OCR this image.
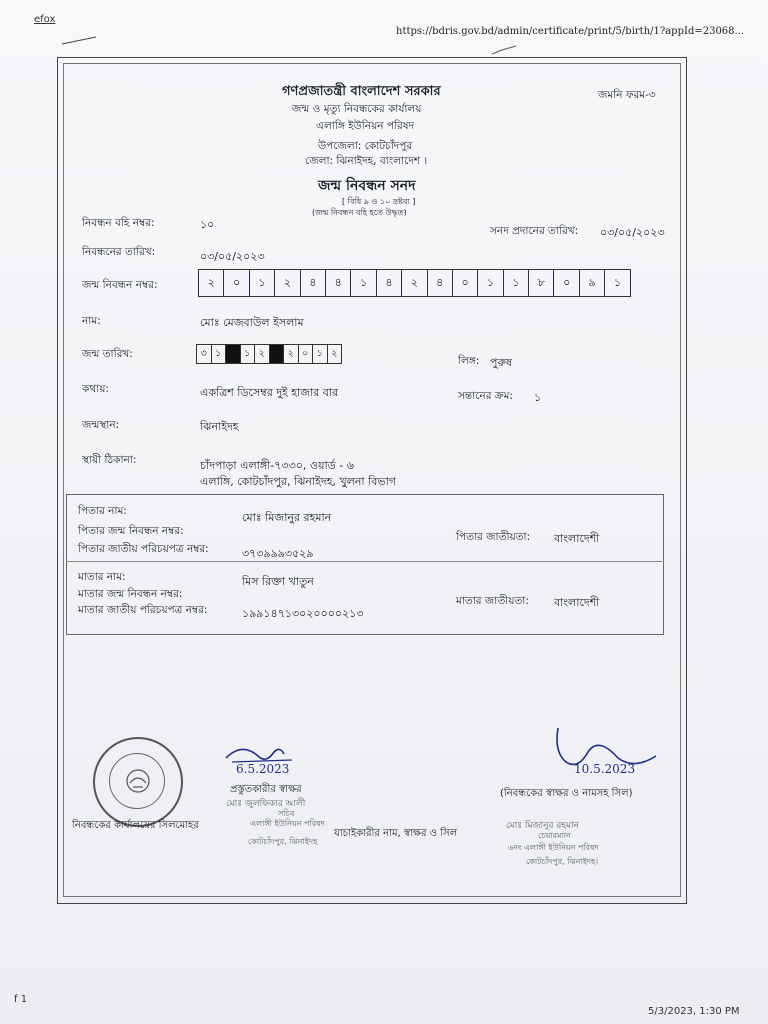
efox
https://bdris.gov.bd/admin/certificate/print/5/birth/1?appId=23068...
f 1
5/3/2023, 1:30 PM
গণপ্রজাতন্ত্রী বাংলাদেশ সরকার	জমনি ফরম-৩
জন্ম ও মৃত্যু নিবন্ধকের কার্যালয়
এলাঙ্গি ইউনিয়ন পরিষদ
উপজেলা: কোটচাঁদপুর
জেলা: ঝিনাইদহ, বাংলাদেশ ।
জন্ম নিবন্ধন সনদ
[ বিধি ৯ ও ১০ দ্রষ্টব্য ]
(জন্ম নিবন্ধন বহি হতে উদ্ধৃত)
নিবন্ধন বহি নম্বর:	১০	সনদ প্রদানের তারিখ: ০৩/০৫/২০২৩
নিবন্ধনের তারিখ:	০৩/০৫/২০২৩
জন্ম নিবন্ধন নম্বর:	২	০	১	২	৪	৪	১	৪	২	৪	০	১	১	৮	০	৯	১
নাম:	মোঃ মেজবাউল ইসলাম
জন্ম তারিখ:	৩ ১	১ ২	২ ০ ১ ২
লিঙ্গ: পুরুষ
কথায়:	একত্রিশ ডিসেম্বর দুই হাজার বার	সন্তানের ক্রম: ১
জন্মস্থান:	ঝিনাইদহ
স্থায়ী ঠিকানা:	চাঁদপাড়া এলাঙ্গী-৭৩৩০, ওয়ার্ড - ৬
এলাঙ্গি, কোটচাঁদপুর, ঝিনাইদহ, খুলনা বিভাগ
পিতার নাম:	মোঃ মিজানুর রহমান
পিতার জন্ম নিবন্ধন নম্বর:
পিতার জাতীয় পরিচয়পত্র নম্বর:	৩৭৩৯৯৯৩৫২৯
পিতার জাতীয়তা: বাংলাদেশী
মাতার নাম:	মিস রিক্তা খাতুন
মাতার জন্ম নিবন্ধন নম্বর:
মাতার জাতীয় পরিচয়পত্র নম্বর:	১৯৯১৪৭১৩০২০০০০২১৩
মাতার জাতীয়তা: বাংলাদেশী
6.5.2023
প্রস্তুতকারীর স্বাক্ষর
মোঃ জুলফিকার আলী
সচিব
এলাঙ্গী ইউনিয়ন পরিষদ
কোটচাঁদপুর, ঝিনাইদহ
নিবন্ধকের কার্যালয়ের সিলমোহর
যাচাইকারীর নাম, স্বাক্ষর ও সিল
10.5.2023
(নিবন্ধকের স্বাক্ষর ও নামসহ সিল)
মোঃ মিজানুর রহমান
চেয়ারম্যান
৬নং এলাঙ্গী ইউনিয়ন পরিষদ
কোটচাঁদপুর, ঝিনাইদহ।
